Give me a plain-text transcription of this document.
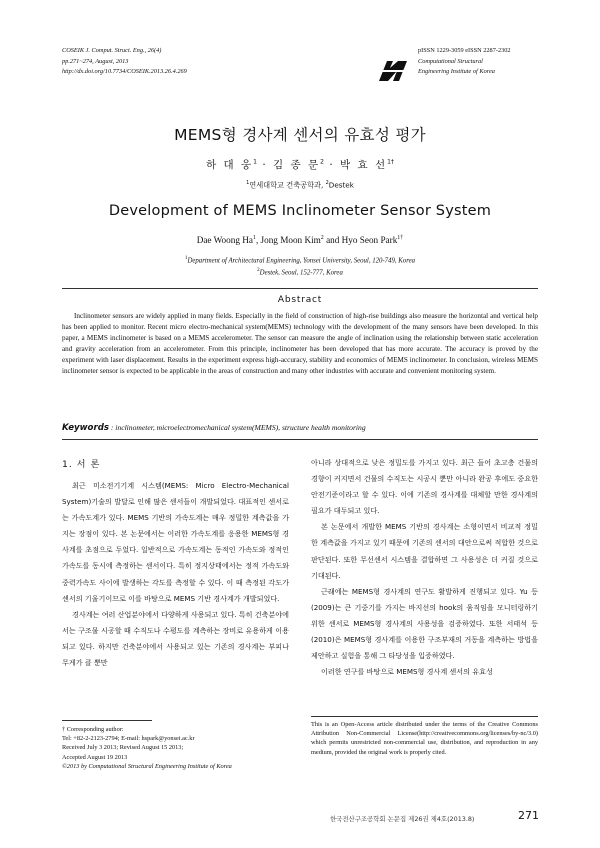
COSEIK J. Comput. Struct. Eng., 26(4)
pp.271~274, August, 2013
http://dx.doi.org/10.7734/COSEIK.2013.26.4.269
pISSN 1229-3059 eISSN 2287-2302
Computational Structural
Engineering Institute of Korea
MEMS형 경사계 센서의 유효성 평가
하 대 웅$^1$ · 김 종 문$^2$ · 박 효 선$^{1\dagger}$
$^1$연세대학교 건축공학과, $^2$Destek
Development of MEMS Inclinometer Sensor System
Dae Woong Ha$^1$, Jong Moon Kim$^2$ and Hyo Seon Park$^{1\dagger}$
$^1$Department of Architectural Engineering, Yonsei University, Seoul, 120-749, Korea
$^2$Destek, Seoul, 152-777, Korea
Abstract
Inclinometer sensors are widely applied in many fields. Especially in the field of construction of high-rise buildings also measure the horizontal and vertical help has been applied to monitor. Recent micro electro-mechanical system(MEMS) technology with the development of the many sensors have been developed. In this paper, a MEMS inclinometer is based on a MEMS accelerometer. The sensor can measure the angle of inclination using the relationship between static acceleration and gravity acceleration from an accelerometer. From this principle, inclinometer has been developed that has more accurate. The accuracy is proved by the experiment with laser displacement. Results in the experiment express high-accuracy, stability and economics of MEMS inclinometer. In conclusion, wireless MEMS inclinometer sensor is expected to be applicable in the areas of construction and many other industries with accurate and convenient monitoring system.
Keywords : inclinometer, microelectromechanical system(MEMS), structure health monitoring
1. 서 론

최근 미소전기기계 시스템(MEMS: Micro Electro-Mechanical System)기술의 발달로 인해 많은 센서들이 개발되었다. 대표적인 센서로는 가속도계가 있다. MEMS 기반의 가속도계는 매우 정밀한 계측값을 가지는 장점이 있다. 본 논문에서는 이러한 가속도계를 응용한 MEMS형 경사계를 초점으로 두었다. 일반적으로 가속도계는 동적인 가속도와 정적인 가속도를 동시에 측정하는 센서이다. 특히 정지상태에서는 정적 가속도와 중력가속도 사이에 발생하는 각도를 측정할 수 있다. 이 때 측정된 각도가 센서의 기울기이므로 이를 바탕으로 MEMS 기반 경사계가 개발되었다.

경사계는 여러 산업분야에서 다양하게 사용되고 있다. 특히 건축분야에서는 구조물 시공할 때 수직도나 수평도를 계측하는 장비로 유용하게 이용되고 있다. 하지만 건축분야에서 사용되고 있는 기존의 경사계는 부피나 무게가 클 뿐만

아니라 상대적으로 낮은 정밀도를 가지고 있다. 최근 들어 초고층 건물의 경향이 커지면서 건물의 수직도는 시공시 뿐만 아니라 완공 후에도 중요한 안전기준이라고 할 수 있다. 이에 기존의 경사계를 대체할 만한 경사계의 필요가 대두되고 있다.

본 논문에서 개발한 MEMS 기반의 경사계는 소형이면서 비교적 정밀한 계측값을 가지고 있기 때문에 기존의 센서의 대안으로써 적합한 것으로 판단된다. 또한 무선센서 시스템을 결합하면 그 사용성은 더 커질 것으로 기대된다.

근래에는 MEMS형 경사계의 연구도 활발하게 진행되고 있다. Yu 등(2009)는 큰 기중기를 가지는 바지선의 hook의 움직임을 모니터링하기 위한 센서로 MEMS형 경사계의 사용성을 검증하였다. 또한 서태석 등(2010)은 MEMS형 경사계를 이용한 구조부재의 거동을 계측하는 방법을 제안하고 실험을 통해 그 타당성을 입증하였다.

이러한 연구를 바탕으로 MEMS형 경사계 센서의 유효성

† Corresponding author:
Tel: +82-2-2123-2794; E-mail: hspark@yonsei.ac.kr
Received July 3 2013; Revised August 15 2013;
Accepted August 19 2013
©2013 by Computational Structural Engineering Institute of Korea
This is an Open-Access article distributed under the terms of the Creative Commons Attribution Non-Commercial License(http://creativecommons.org/licenses/by-nc/3.0) which permits unrestricted non-commercial use, distribution, and reproduction in any medium, provided the original work is properly cited.
한국전산구조공학회 논문집 제26권 제4호(2013.8)	271
